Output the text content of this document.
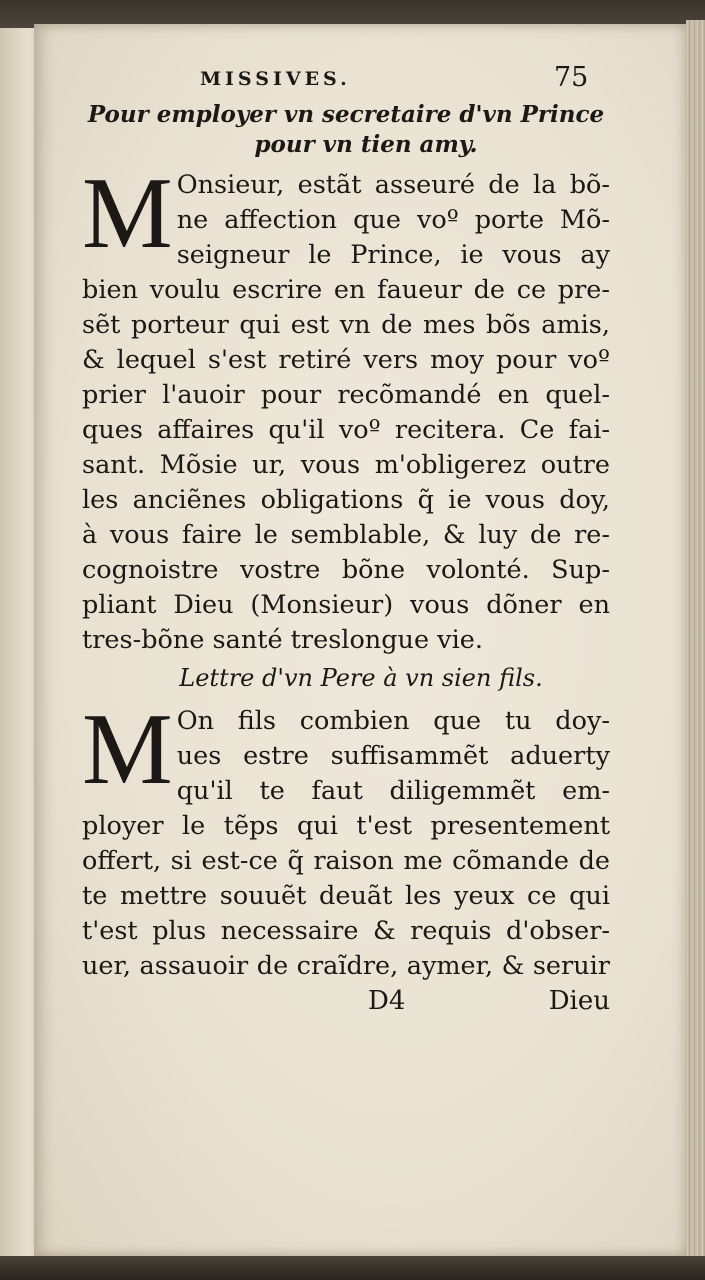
MISSIVES.	75
Pour employer vn secretaire d'vn Prince
pour vn tien amy.
M Onsieur, estãt asseuré de la bõ-
ne affection que voº porte Mõ-
seigneur le Prince, ie vous ay
bien voulu escrire en faueur de ce pre-
sẽt porteur qui est vn de mes bõs amis,
& lequel s'est retiré vers moy pour voº
prier l'auoir pour recõmandé en quel-
ques affaires qu'il voº recitera. Ce fai-
sant. Mõsie ur, vous m'obligerez outre
les anciẽnes obligations q̃ ie vous doy,
à vous faire le semblable, & luy de re-
cognoistre vostre bõne volonté. Sup-
pliant Dieu (Monsieur) vous dõner en
tres-bõne santé treslongue vie.
Lettre d'vn Pere à vn sien fils.
M On fils combien que tu doy-
ues estre suffisammẽt aduerty
qu'il te faut diligemmẽt em-
ployer le tẽps qui t'est presentement
offert, si est-ce q̃ raison me cõmande de
te mettre souuẽt deuãt les yeux ce qui
t'est plus necessaire & requis d'obser-
uer, assauoir de craĩdre, aymer, & seruir
D4	Dieu
